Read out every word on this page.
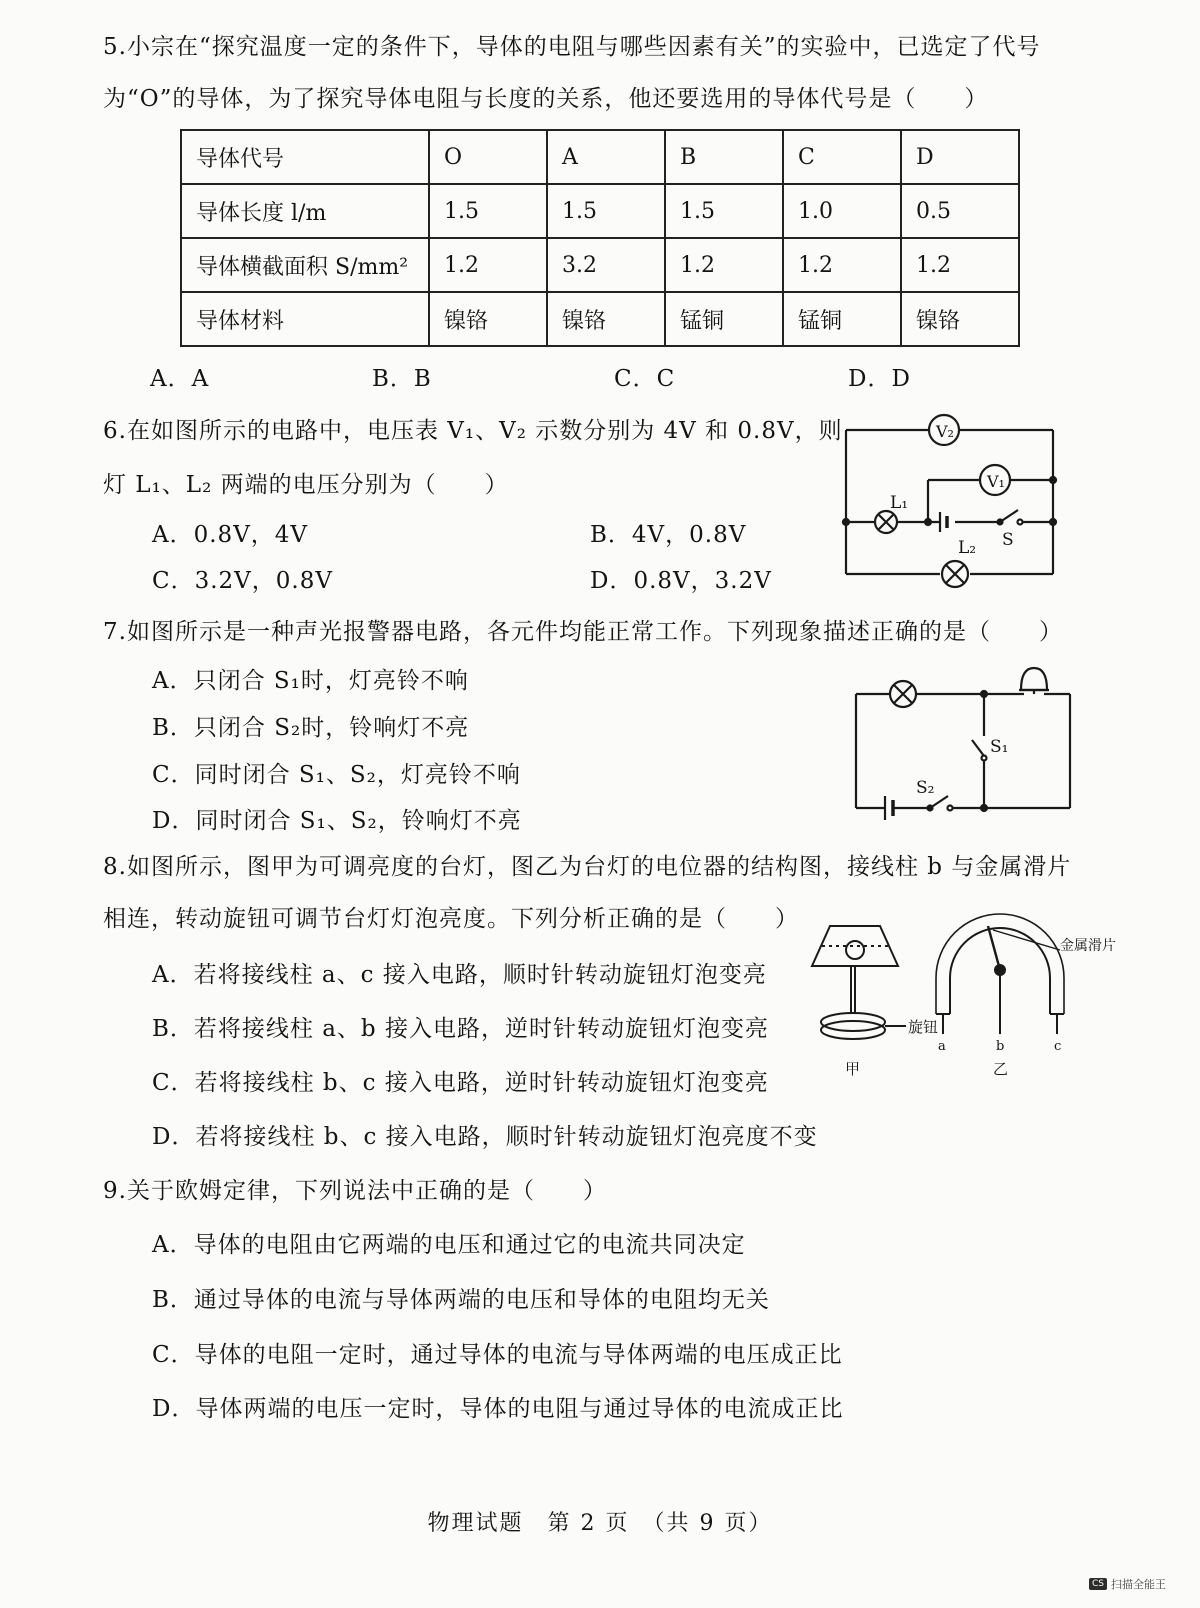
5.小宗在“探究温度一定的条件下，导体的电阻与哪些因素有关”的实验中，已选定了代号
为“O”的导体，为了探究导体电阻与长度的关系，他还要选用的导体代号是（　　）
导体代号	O	A	B	C	D
导体长度 l/m	1.5	1.5	1.5	1.0	0.5
导体横截面积 S/mm²	1.2	3.2	1.2	1.2	1.2
导体材料	镍铬	镍铬	锰铜	锰铜	镍铬
A．A	B．B	C．C	D．D
6.在如图所示的电路中，电压表 V₁、V₂ 示数分别为 4V 和 0.8V，则
灯 L₁、L₂ 两端的电压分别为（　　）
A．0.8V，4V	B．4V，0.8V
C．3.2V，0.8V	D．0.8V，3.2V
V₂
V₁
L₁
L₂ S
7.如图所示是一种声光报警器电路，各元件均能正常工作。下列现象描述正确的是（　　）
A．只闭合 S₁时，灯亮铃不响
B．只闭合 S₂时，铃响灯不亮
C．同时闭合 S₁、S₂，灯亮铃不响
D．同时闭合 S₁、S₂，铃响灯不亮
S₁
S₂
8.如图所示，图甲为可调亮度的台灯，图乙为台灯的电位器的结构图，接线柱 b 与金属滑片
相连，转动旋钮可调节台灯灯泡亮度。下列分析正确的是（　　）
A．若将接线柱 a、c 接入电路，顺时针转动旋钮灯泡变亮
B．若将接线柱 a、b 接入电路，逆时针转动旋钮灯泡变亮
C．若将接线柱 b、c 接入电路，逆时针转动旋钮灯泡变亮
D．若将接线柱 b、c 接入电路，顺时针转动旋钮灯泡亮度不变
旋钮
金属滑片
a	b	c
甲	乙
9.关于欧姆定律，下列说法中正确的是（　　）
A．导体的电阻由它两端的电压和通过它的电流共同决定
B．通过导体的电流与导体两端的电压和导体的电阻均无关
C．导体的电阻一定时，通过导体的电流与导体两端的电压成正比
D．导体两端的电压一定时，导体的电阻与通过导体的电流成正比
物理试题　第 2 页　（共 9 页）
CS 扫描全能王
